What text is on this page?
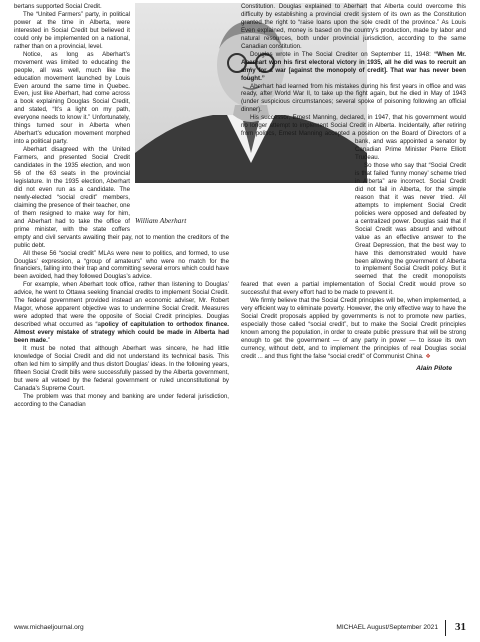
William Aberhart

bertans supported Social Credit.

The “United Farmers” party, in political power at the time in Alberta, were interested in Social Credit but believed it could only be implemented on a national, rather than on a provincial, level.

Notice, as long as Aberhart’s movement was limited to educating the people, all was well, much like the education movement launched by Louis Even around the same time in Quebec. Even, just like Aberhart, had come across a book explaining Douglas Social Credit, and stated, “It’s a light on my path, everyone needs to know it.” Unfortunately, things turned sour in Alberta when Aberhart’s education movement morphed into a political party.

Aberhart disagreed with the United Farmers, and presented Social Credit candidates in the 1935 election, and won 56 of the 63 seats in the provincial legislature. In the 1935 election, Aberhart did not even run as a candidate. The newly-elected “social credit” members, claiming the presence of their teacher, one of them resigned to make way for him, and Aberhart had to take the office of prime minister, with the state coffers empty and civil servants awaiting their pay, not to mention the creditors of the public debt.

All these 56 “social credit” MLAs were new to politics, and formed, to use Douglas’ expression, a “group of amateurs” who were no match for the financiers, falling into their trap and committing several errors which could have been avoided, had they followed Douglas’s advice.

For example, when Aberhart took office, rather than listening to Douglas’ advice, he went to Ottawa seeking financial credits to implement Social Credit. The federal government provided instead an economic adviser, Mr. Robert Magor, whose apparent objective was to undermine Social Credit. Measures were adopted that were the opposite of Social Credit principles. Douglas described what occurred as “apolicy of capitulation to orthodox finance. Almost every mistake of strategy which could be made in Alberta had been made.”

It must be noted that although Aberhart was sincere, he had little knowledge of Social Credit and did not understand its technical basis. This often led him to simplify and thus distort Douglas’ ideas. In the following years, fifteen Social Credit bills were successfully passed by the Alberta government, but were all vetoed by the federal government or ruled unconstitutional by Canada’s Supreme Court.

The problem was that money and banking are under federal jurisdiction, according to the Canadian

Constitution. Douglas explained to Aberhart that Alberta could overcome this difficulty by establishing a provincial credit system of its own as the Constitution granted the right to “raise loans upon the sole credit of the province.” As Louis Even explained, money is based on the country’s production, made by labor and natural resources, both under provincial jurisdiction, according to the same Canadian constitution.

Douglas wrote in The Social Crediter on September 11, 1948: “When Mr. Aberhart won his first electoral victory in 1935, all he did was to recruit an army for a war [against the monopoly of credit]. That war has never been fought.”

Aberhart had learned from his mistakes during his first years in office and was ready, after World War II, to take up the fight again, but he died in May of 1943 (under suspicious circumstances; several spoke of poisoning following an official dinner).

His successor, Ernest Manning, declared, in 1947, that his government would no longer attempt to implement Social Credit in Alberta. Incidentally, after retiring from politics, Ernest Manning accepted a position on the Board of Directors of a bank, and was appointed a senator by Canadian Prime Minister Pierre Elliott Trudeau.

So those who say that “Social Credit is that failed ‘funny money’ scheme tried in Alberta” are incorrect. Social Credit did not fail in Alberta, for the simple reason that it was never tried. All attempts to implement Social Credit policies were opposed and defeated by a centralized power. Douglas said that if Social Credit was absurd and without value as an effective answer to the Great Depression, that the best way to have this demonstrated would have been allowing the government of Alberta to implement Social Credit policy. But it seemed that the credit monopolists feared that even a partial implementation of Social Credit would prove so successful that every effort had to be made to prevent it.

We firmly believe that the Social Credit principles will be, when implemented, a very efficient way to eliminate poverty. However, the only effective way to have the Social Credit proposals applied by governments is not to promote new parties, especially those called “social credit”, but to make the Social Credit principles known among the population, in order to create public pressure that will be strong enough to get the government — of any party in power — to issue its own currency, without debt, and to implement the principles of real Douglas social credit ... and thus fight the false “social credit” of Communist China. ❖

Alain Pilote
www.michaeljournal.org	MICHAEL August/September 2021 31
